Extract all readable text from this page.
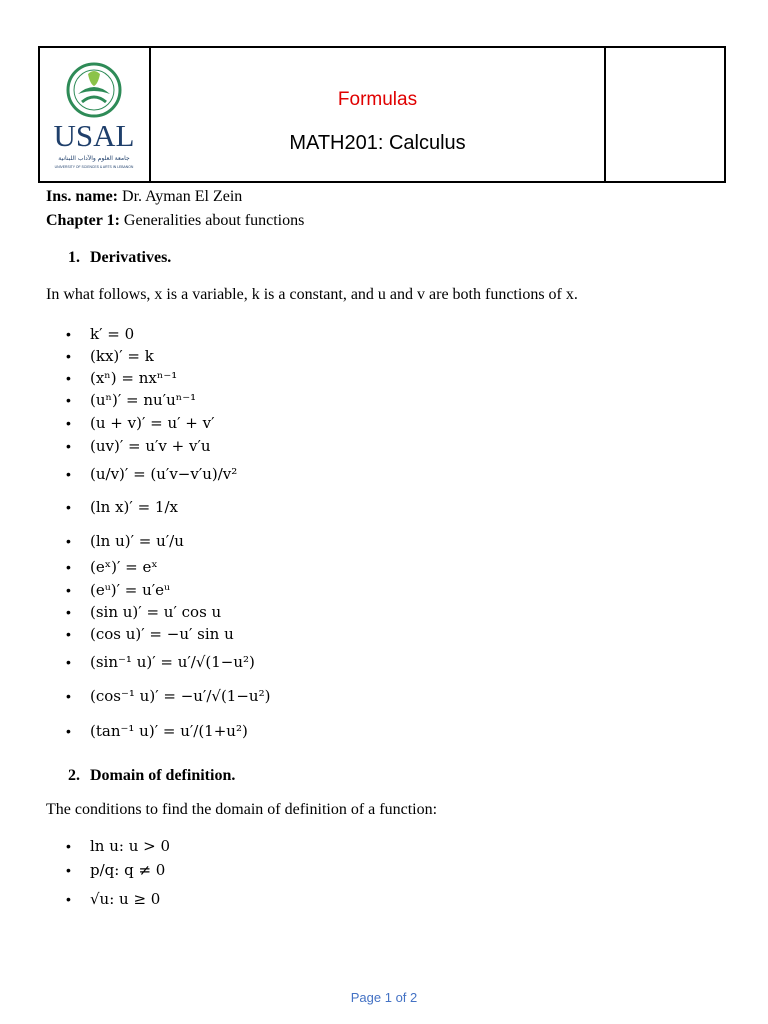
USAL
جامعة العلوم والآداب اللبنانية
UNIVERSITY OF SCIENCES & ARTS IN LEBANON
Formulas
MATH201: Calculus
Ins. name: Dr. Ayman El Zein
Chapter 1: Generalities about functions
1. Derivatives.
In what follows, x is a variable, k is a constant, and u and v are both functions of x.
• k′ = 0
• (kx)′ = k
• (xⁿ) = nxⁿ⁻¹
• (uⁿ)′ = nu′uⁿ⁻¹
• (u + v)′ = u′ + v′
• (uv)′ = u′v + v′u
• (u/v)′ = (u′v−v′u)/v²
• (ln x)′ = 1/x
• (ln u)′ = u′/u
• (eˣ)′ = eˣ
• (eᵘ)′ = u′eᵘ
• (sin u)′ = u′ cos u
• (cos u)′ = −u′ sin u
• (sin⁻¹ u)′ = u′/√(1−u²)
• (cos⁻¹ u)′ = −u′/√(1−u²)
• (tan⁻¹ u)′ = u′/(1+u²)
2. Domain of definition.
The conditions to find the domain of definition of a function:
• ln u: u > 0
• p/q: q ≠ 0
• √u: u ≥ 0
Page 1 of 2
